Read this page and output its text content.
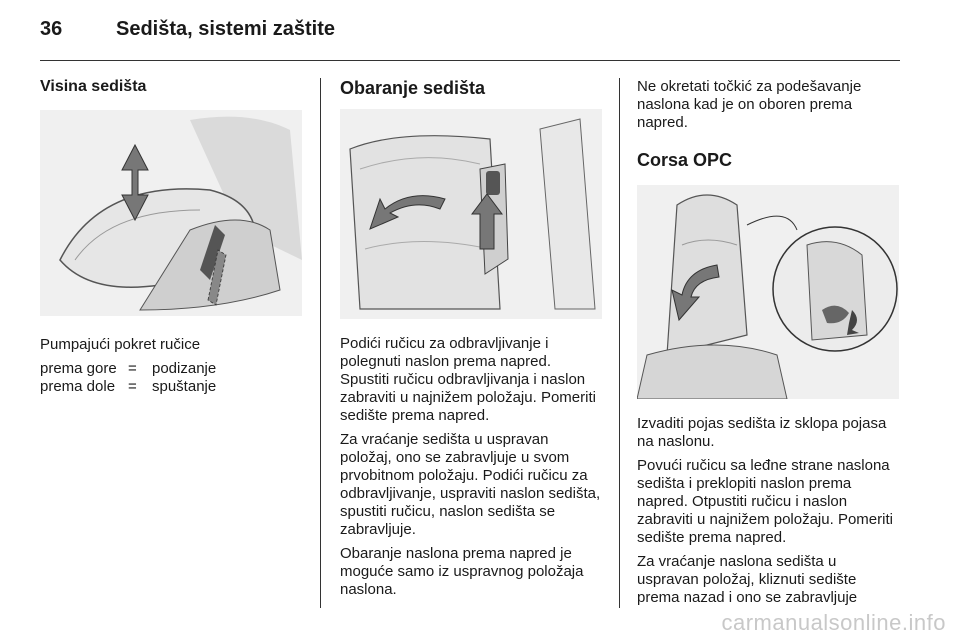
36	Sedišta, sistemi zaštite
Visina sedišta

Pumpajući pokret ručice

prema gore =	podizanje
prema dole =	spuštanje
Obaranje sedišta

Podići ručicu za odbravljivanje i polegnuti naslon prema napred. Spustiti ručicu odbravljivanja i naslon zabraviti u najnižem položaju. Pomeriti sedište prema napred.

Za vraćanje sedišta u uspravan položaj, ono se zabravljuje u svom prvobitnom položaju. Podići ručicu za odbravljivanje, uspraviti naslon sedišta, spustiti ručicu, naslon sedišta se zabravljuje.

Obaranje naslona prema napred je moguće samo iz uspravnog položaja naslona.

Ne okretati točkić za podešavanje naslona kad je on oboren prema napred.

Corsa OPC

Izvaditi pojas sedišta iz sklopa pojasa na naslonu.

Povući ručicu sa leđne strane naslona sedišta i preklopiti naslon prema napred. Otpustiti ručicu i naslon zabraviti u najnižem položaju. Pomeriti sedište prema napred.

Za vraćanje naslona sedišta u uspravan položaj, kliznuti sedište prema nazad i ono se zabravljuje

carmanualsonline.info
